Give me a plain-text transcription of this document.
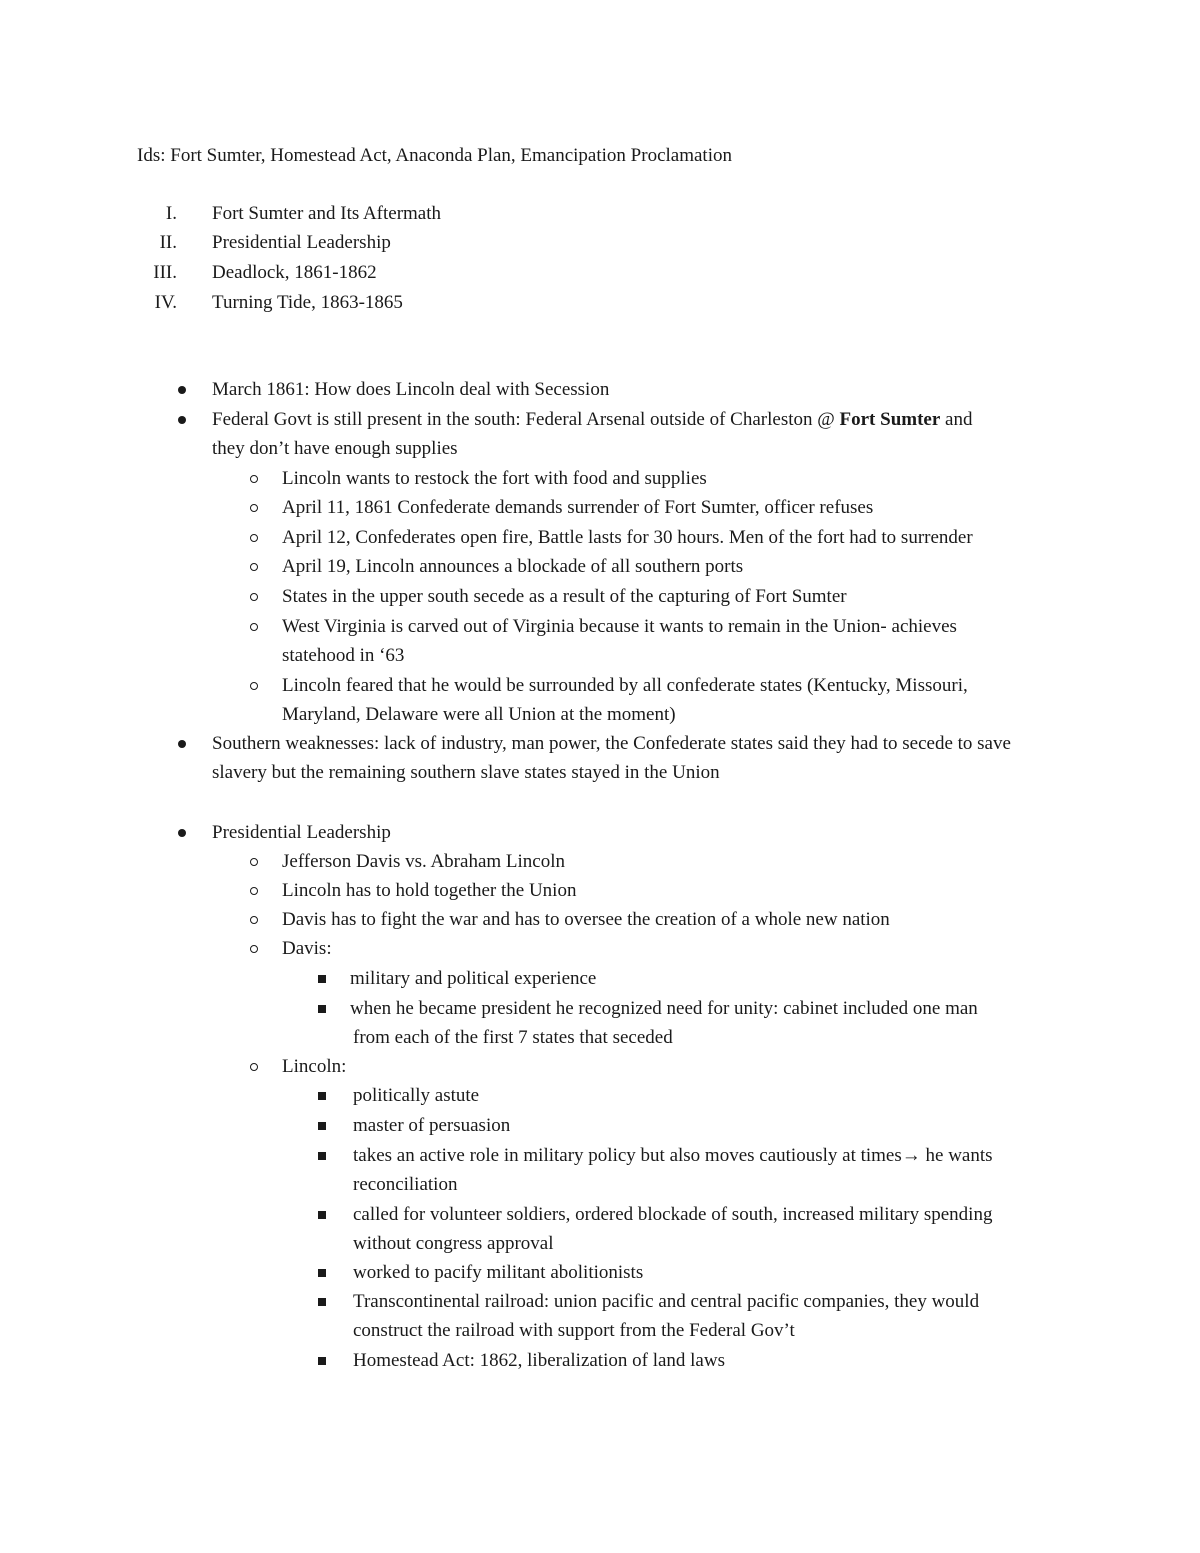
Ids: Fort Sumter, Homestead Act, Anaconda Plan, Emancipation Proclamation
I. Fort Sumter and Its Aftermath
II. Presidential Leadership
III. Deadlock, 1861-1862
IV. Turning Tide, 1863-1865
March 1861: How does Lincoln deal with Secession
Federal Govt is still present in the south: Federal Arsenal outside of Charleston @ Fort Sumter and
they don’t have enough supplies
Lincoln wants to restock the fort with food and supplies
April 11, 1861 Confederate demands surrender of Fort Sumter, officer refuses
April 12, Confederates open fire, Battle lasts for 30 hours. Men of the fort had to surrender
April 19, Lincoln announces a blockade of all southern ports
States in the upper south secede as a result of the capturing of Fort Sumter
West Virginia is carved out of Virginia because it wants to remain in the Union- achieves
statehood in ‘63
Lincoln feared that he would be surrounded by all confederate states (Kentucky, Missouri,
Maryland, Delaware were all Union at the moment)
Southern weaknesses: lack of industry, man power, the Confederate states said they had to secede to save
slavery but the remaining southern slave states stayed in the Union
Presidential Leadership
Jefferson Davis vs. Abraham Lincoln
Lincoln has to hold together the Union
Davis has to fight the war and has to oversee the creation of a whole new nation
Davis:
military and political experience
when he became president he recognized need for unity: cabinet included one man
from each of the first 7 states that seceded
Lincoln:
politically astute
master of persuasion
takes an active role in military policy but also moves cautiously at times→ he wants
reconciliation
called for volunteer soldiers, ordered blockade of south, increased military spending
without congress approval
worked to pacify militant abolitionists
Transcontinental railroad: union pacific and central pacific companies, they would
construct the railroad with support from the Federal Gov’t
Homestead Act: 1862, liberalization of land laws
